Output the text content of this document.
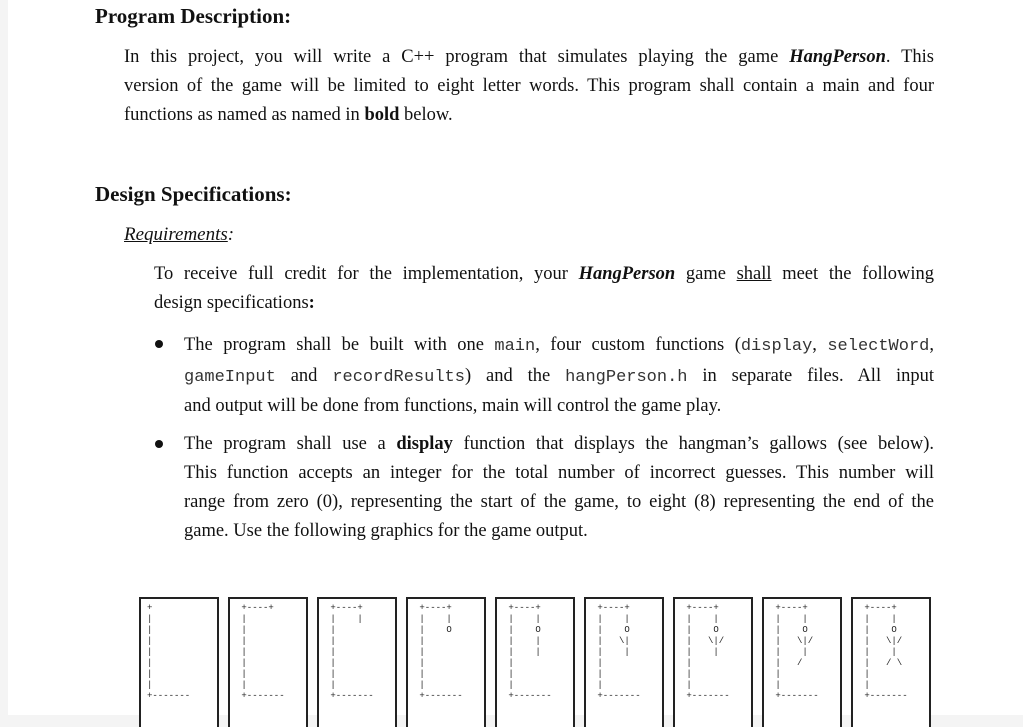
Program Description:
In this project, you will write a C++ program that simulates playing the game HangPerson. This
version of the game will be limited to eight letter words. This program shall contain a main and four
functions as named as named in bold below.
Design Specifications:
Requirements:
To receive full credit for the implementation, your HangPerson game shall meet the following
design specifications:
The program shall be built with one main, four custom functions (display, selectWord,
gameInput and recordResults) and the hangPerson.h in separate files. All input
and output will be done from functions, main will control the game play.
The program shall use a display function that displays the hangman’s gallows (see below).
This function accepts an integer for the total number of incorrect guesses. This number will
range from zero (0), representing the start of the game, to eight (8) representing the end of the
game. Use the following graphics for the game output.
+
|
|
|
|
|
|
|
+-------
+----+
|
|
|
|
|
|
|
+-------
+----+
|    |
|
|
|
|
|
|
+-------
+----+
|    |
|    O
|
|
|
|
|
+-------
+----+
|    |
|    O
|    |
|    |
|
|
|
+-------
+----+
|    |
|    O
|   \|
|    |
|
|
|
+-------
+----+
|    |
|    O
|   \|/
|    |
|
|
|
+-------
+----+
|    |
|    O
|   \|/
|    |
|   /
|
|
+-------
+----+
|    |
|    O
|   \|/
|    |
|   / \
|
|
+-------
